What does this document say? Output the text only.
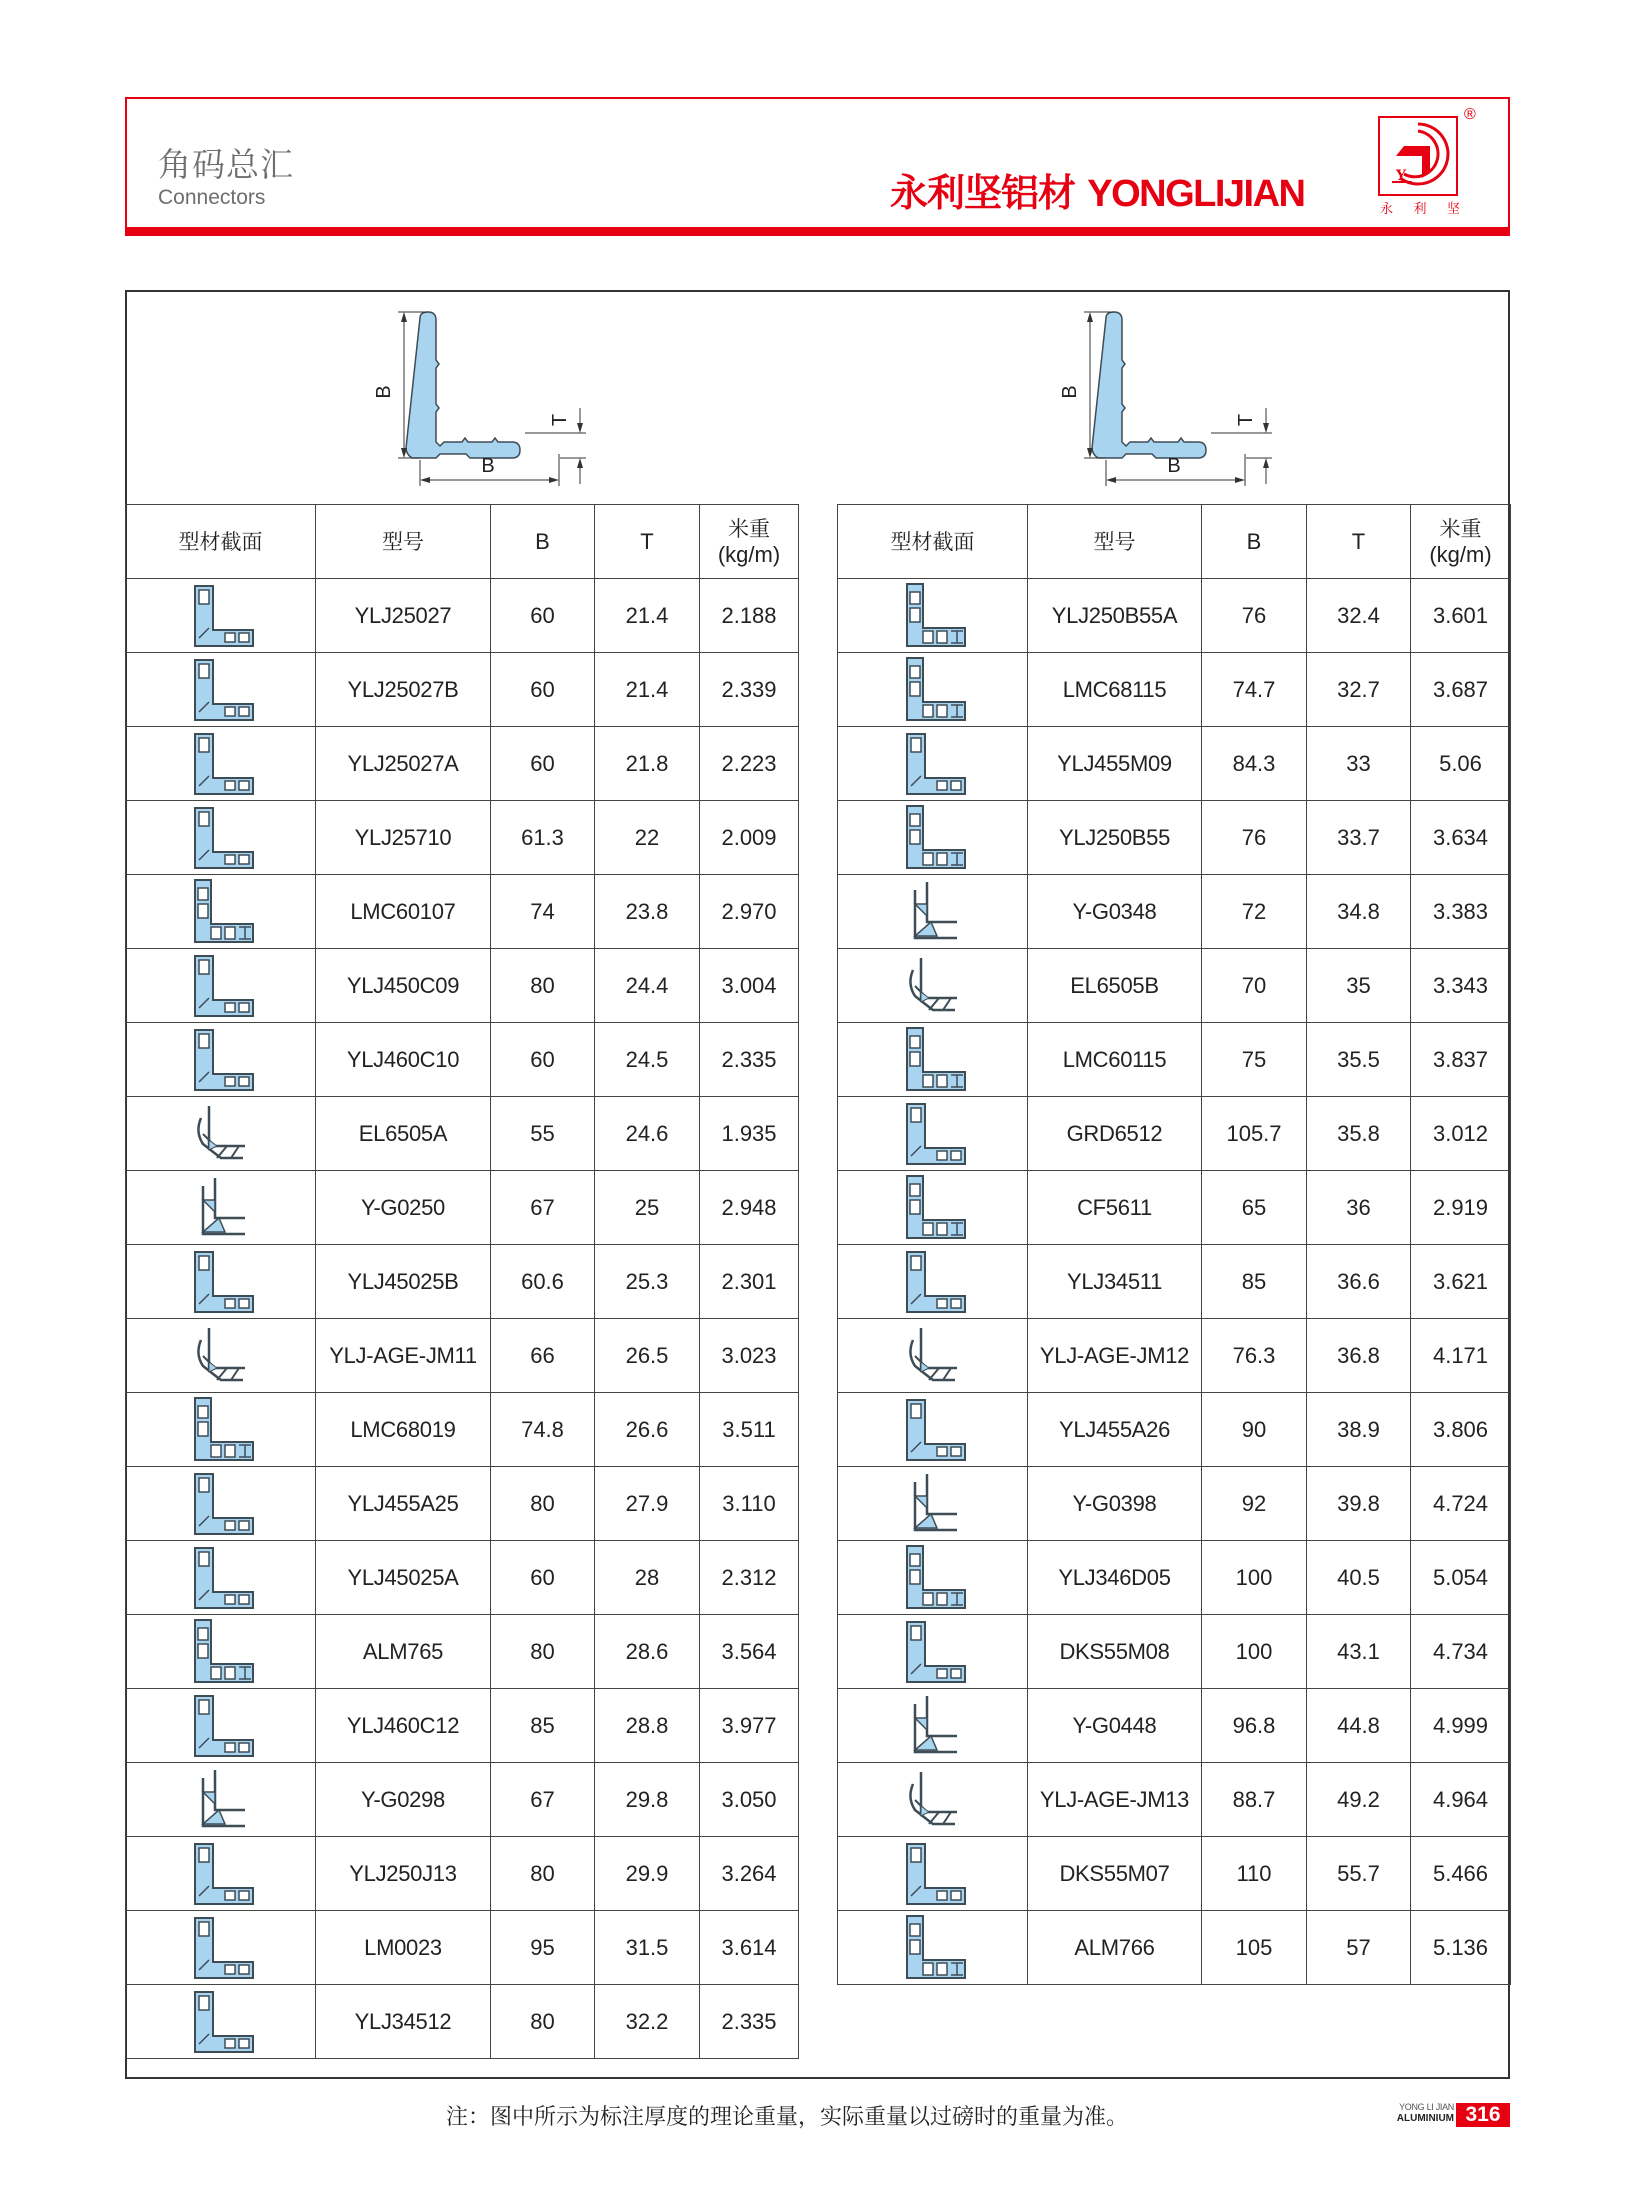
角码总汇
Connectors	永利坚铝材 YONGLIJIAN	Y
永 利 坚
®
B
B
T
B
B
T
型材截面	型号	B	T	米重
(kg/m)

	YLJ25027	60	21.4	2.188

	YLJ25027B	60	21.4	2.339

	YLJ25027A	60	21.8	2.223

	YLJ25710	61.3	22	2.009

	LMC60107	74	23.8	2.970

	YLJ450C09	80	24.4	3.004

	YLJ460C10	60	24.5	2.335

	EL6505A	55	24.6	1.935

	Y-G0250	67	25	2.948

	YLJ45025B	60.6	25.3	2.301

	YLJ-AGE-JM11	66	26.5	3.023

	LMC68019	74.8	26.6	3.511

	YLJ455A25	80	27.9	3.110

	YLJ45025A	60	28	2.312

	ALM765	80	28.6	3.564

	YLJ460C12	85	28.8	3.977

	Y-G0298	67	29.8	3.050

	YLJ250J13	80	29.9	3.264

	LM0023	95	31.5	3.614

	YLJ34512	80	32.2	2.335
型材截面	型号	B	T	米重
(kg/m)

	YLJ250B55A	76	32.4	3.601

	LMC68115	74.7	32.7	3.687

	YLJ455M09	84.3	33	5.06

	YLJ250B55	76	33.7	3.634

	Y-G0348	72	34.8	3.383

	EL6505B	70	35	3.343

	LMC60115	75	35.5	3.837

	GRD6512	105.7	35.8	3.012

	CF5611	65	36	2.919

	YLJ34511	85	36.6	3.621

	YLJ-AGE-JM12	76.3	36.8	4.171

	YLJ455A26	90	38.9	3.806

	Y-G0398	92	39.8	4.724

	YLJ346D05	100	40.5	5.054

	DKS55M08	100	43.1	4.734

	Y-G0448	96.8	44.8	4.999

	YLJ-AGE-JM13	88.7	49.2	4.964

	DKS55M07	110	55.7	5.466

	ALM766	105	57	5.136
注：图中所示为标注厚度的理论重量，实际重量以过磅时的重量为准。	YONG LI JIAN
ALUMINIUM 316
